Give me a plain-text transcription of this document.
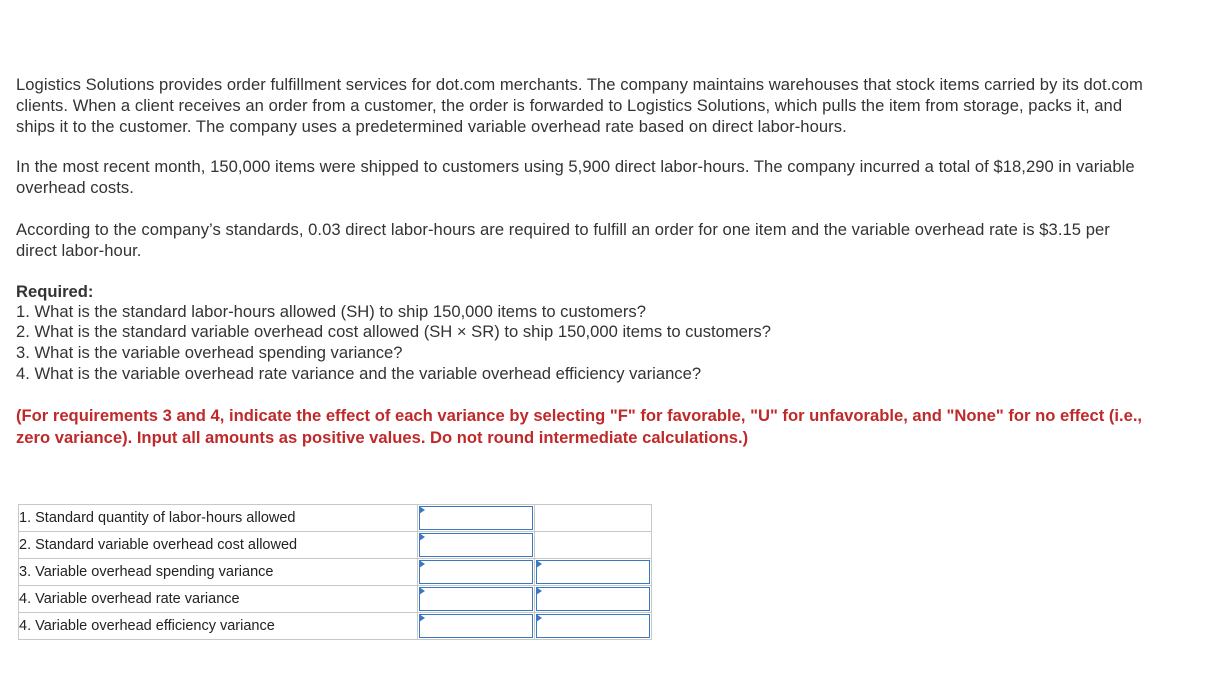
Logistics Solutions provides order fulfillment services for dot.com merchants. The company maintains warehouses that stock items carried by its dot.com clients. When a client receives an order from a customer, the order is forwarded to Logistics Solutions, which pulls the item from storage, packs it, and ships it to the customer. The company uses a predetermined variable overhead rate based on direct labor-hours.

In the most recent month, 150,000 items were shipped to customers using 5,900 direct labor-hours. The company incurred a total of $18,290 in variable overhead costs.

According to the company’s standards, 0.03 direct labor-hours are required to fulfill an order for one item and the variable overhead rate is $3.15 per direct labor-hour.

Required:

1. What is the standard labor-hours allowed (SH) to ship 150,000 items to customers?
2. What is the standard variable overhead cost allowed (SH × SR) to ship 150,000 items to customers?
3. What is the variable overhead spending variance?
4. What is the variable overhead rate variance and the variable overhead efficiency variance?

(For requirements 3 and 4, indicate the effect of each variance by selecting "F" for favorable, "U" for unfavorable, and "None" for no effect (i.e., zero variance). Input all amounts as positive values. Do not round intermediate calculations.)

1. Standard quantity of labor-hours allowed	

2. Standard variable overhead cost allowed	

3. Variable overhead spending variance	

4. Variable overhead rate variance	

4. Variable overhead efficiency variance	
